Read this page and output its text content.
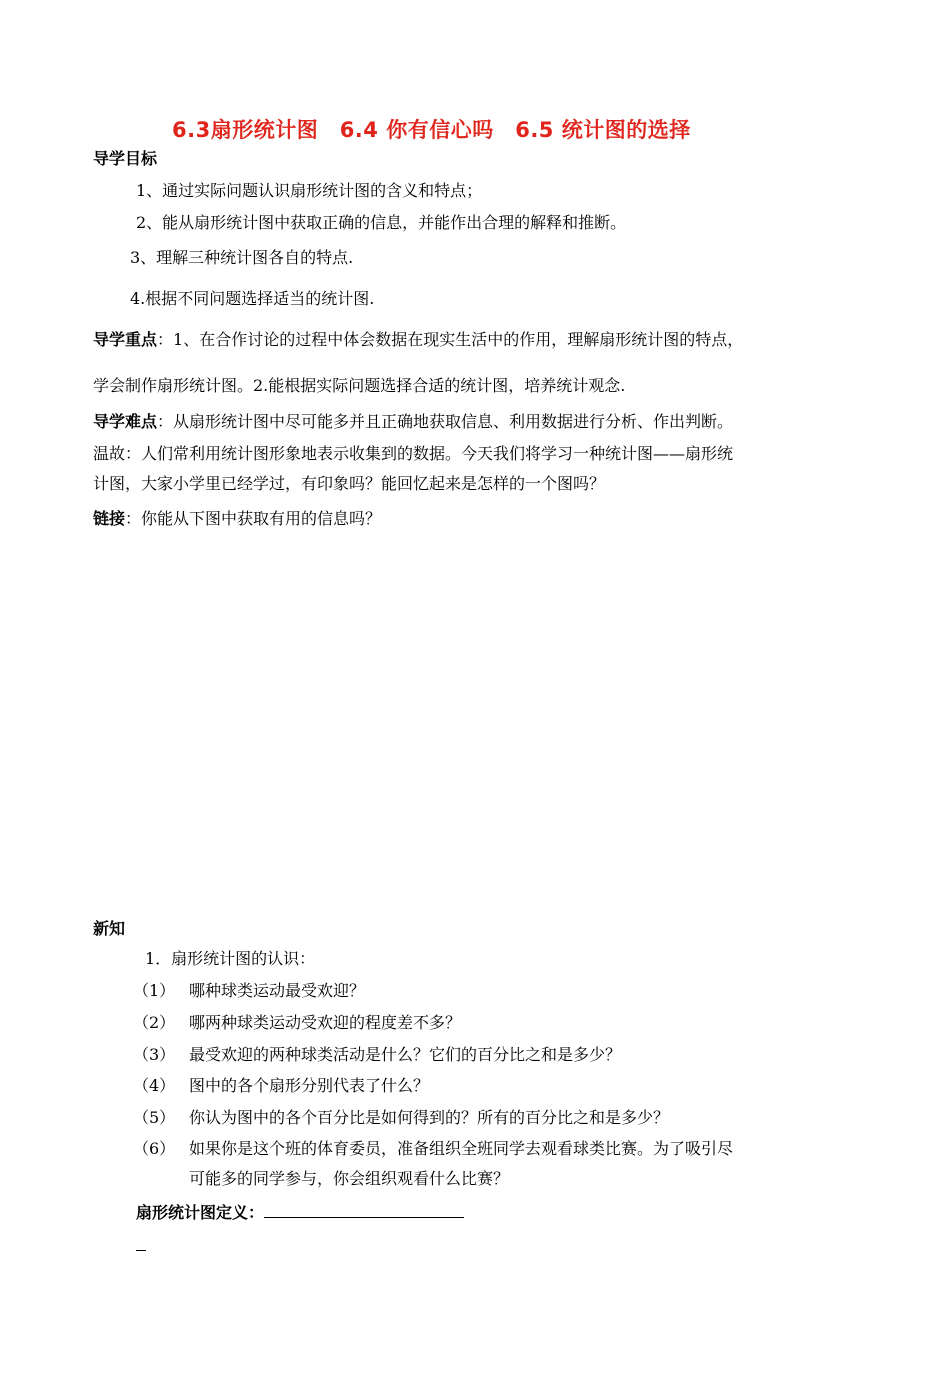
6.3扇形统计图　6.4 你有信心吗　6.5 统计图的选择
导学目标
1、通过实际问题认识扇形统计图的含义和特点；
2、能从扇形统计图中获取正确的信息，并能作出合理的解释和推断。
3、理解三种统计图各自的特点.
4.根据不同问题选择适当的统计图.
导学重点：1、在合作讨论的过程中体会数据在现实生活中的作用，理解扇形统计图的特点，
学会制作扇形统计图。2.能根据实际问题选择合适的统计图，培养统计观念.
导学难点：从扇形统计图中尽可能多并且正确地获取信息、利用数据进行分析、作出判断。
温故：人们常利用统计图形象地表示收集到的数据。今天我们将学习一种统计图——扇形统
计图，大家小学里已经学过，有印象吗？能回忆起来是怎样的一个图吗？
链接：你能从下图中获取有用的信息吗？
新知
1．扇形统计图的认识：
（1） 哪种球类运动最受欢迎？
（2） 哪两种球类运动受欢迎的程度差不多？
（3） 最受欢迎的两种球类活动是什么？它们的百分比之和是多少？
（4） 图中的各个扇形分别代表了什么？
（5） 你认为图中的各个百分比是如何得到的？所有的百分比之和是多少？
（6） 如果你是这个班的体育委员，准备组织全班同学去观看球类比赛。为了吸引尽
可能多的同学参与，你会组织观看什么比赛？
扇形统计图定义：
